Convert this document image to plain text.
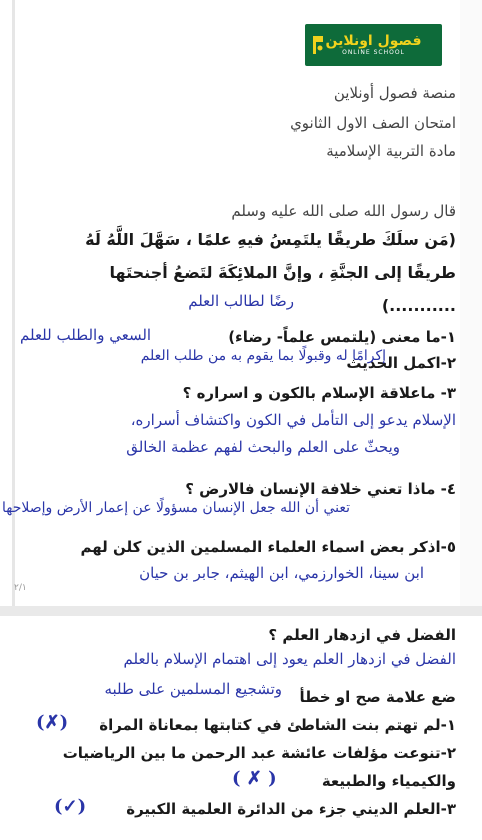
فصول اونلاين
ONLINE SCHOOL
منصة فصول أونلاين
امتحان الصف الاول الثانوي
مادة التربية الإسلامية
قال رسول الله صلى الله عليه وسلم
(مَن سلَكَ طريقًا يلتَمِسُ فيهِ علمًا ، سَهَّلَ اللَّهُ لَهُ
طريقًا إلى الجنَّةِ ، وإنَّ الملائِكَةَ لتَضعُ أجنحتَها
...........)
رضًا لطالب العلم
١-ما معنى (يلتمس علماً- رضاء)
السعي والطلب للعلم
٢-اكمل الحديث
إكرامًا له وقبولًا بما يقوم به من طلب العلم
٣- ماعلاقة الإسلام بالكون و اسراره ؟
الإسلام يدعو إلى التأمل في الكون واكتشاف أسراره،
ويحثّ على العلم والبحث لفهم عظمة الخالق
٤- ماذا تعني خلافة الإنسان فالارض ؟
تعني أن الله جعل الإنسان مسؤولًا عن إعمار الأرض وإصلاحها
٥-اذكر بعض اسماء العلماء المسلمين الذين كلن لهم
ابن سينا، الخوارزمي، ابن الهيثم، جابر بن حيان
٢/١
الفضل في ازدهار العلم ؟
الفضل في ازدهار العلم يعود إلى اهتمام الإسلام بالعلم
ضع علامة صح او خطأ
وتشجيع المسلمين على طلبه
١-لم تهتم بنت الشاطئ في كتابتها بمعاناة المراة
(✗)
٢-تنوعت مؤلفات عائشة عبد الرحمن ما بين الرياضيات
والكيمياء والطبيعة
( ✗ )
٣-العلم الديني جزء من الدائرة العلمية الكبيرة
(✓)
